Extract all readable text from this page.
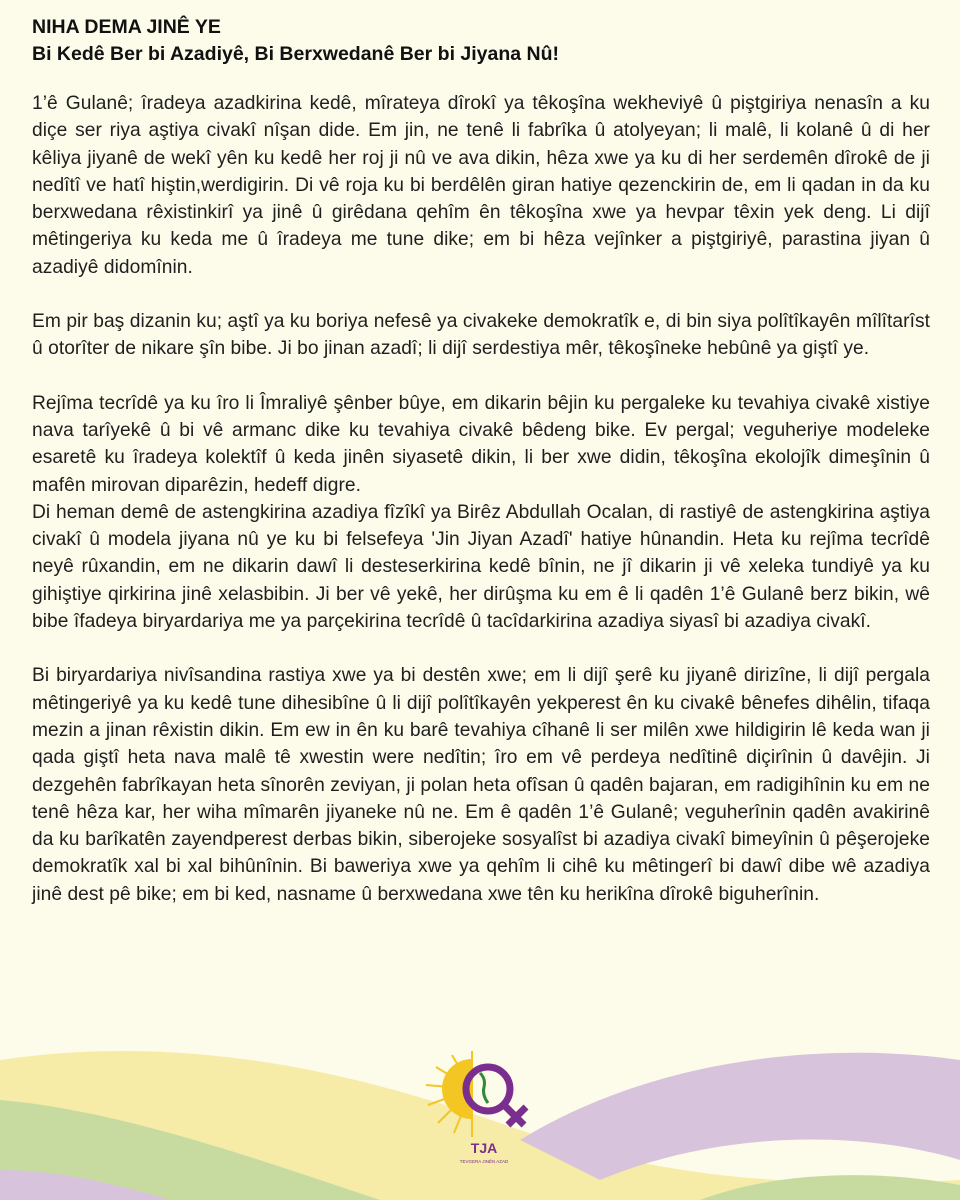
NIHA DEMA JINÊ YE

Bi Kedê Ber bi Azadiyê, Bi Berxwedanê Ber bi Jiyana Nû!

1’ê Gulanê; îradeya azadkirina kedê, mîrateya dîrokî ya têkoşîna wekheviyê û piştgiriya nenasîn a ku diçe ser riya aştiya civakî nîşan dide. Em jin, ne tenê li fabrîka û atolyeyan; li malê, li kolanê û di her kêliya jiyanê de wekî yên ku kedê her roj ji nû ve ava dikin, hêza xwe ya ku di her serdemên dîrokê de ji nedîtî ve hatî hiştin,werdigirin. Di vê roja ku bi berdêlên giran hatiye qezenckirin de, em li qadan in da ku berxwedana rêxistinkirî ya jinê û girêdana qehîm ên têkoşîna xwe ya hevpar têxin yek deng. Li dijî mêtingeriya ku keda me û îradeya me tune dike; em bi hêza vejînker a piştgiriyê, parastina jiyan û azadiyê didomînin.

Em pir baş dizanin ku; aştî ya ku boriya nefesê ya civakeke demokratîk e, di bin siya polîtîkayên mîlîtarîst û otorîter de nikare şîn bibe. Ji bo jinan azadî; li dijî serdestiya mêr, têkoşîneke hebûnê ya giştî ye.

Rejîma tecrîdê ya ku îro li Îmraliyê şênber bûye, em dikarin bêjin ku pergaleke ku tevahiya civakê xistiye nava tarîyekê û bi vê armanc dike ku tevahiya civakê bêdeng bike. Ev pergal; veguheriye modeleke esaretê ku îradeya kolektîf û keda jinên siyasetê dikin, li ber xwe didin, têkoşîna ekolojîk dimeşînin û mafên mirovan diparêzin, hedeff digre.

Di heman demê de astengkirina azadiya fîzîkî ya Birêz Abdullah Ocalan, di rastiyê de astengkirina aştiya civakî û modela jiyana nû ye ku bi felsefeya 'Jin Jiyan Azadî' hatiye hûnandin. Heta ku rejîma tecrîdê neyê rûxandin, em ne dikarin dawî li desteserkirina kedê bînin, ne jî dikarin ji vê xeleka tundiyê ya ku gihiştiye qirkirina jinê xelasbibin. Ji ber vê yekê, her dirûşma ku em ê li qadên 1’ê Gulanê berz bikin, wê bibe îfadeya biryardariya me ya parçekirina tecrîdê û tacîdarkirina azadiya siyasî bi azadiya civakî.

Bi biryardariya nivîsandina rastiya xwe ya bi destên xwe; em li dijî şerê ku jiyanê dirizîne, li dijî pergala mêtingeriyê ya ku kedê tune dihesibîne û li dijî polîtîkayên yekperest ên ku civakê bênefes dihêlin, tifaqa mezin a jinan rêxistin dikin. Em ew in ên ku barê tevahiya cîhanê li ser milên xwe hildigirin lê keda wan ji qada giştî heta nava malê tê xwestin were nedîtin; îro em vê perdeya nedîtinê diçirînin û davêjin. Ji dezgehên fabrîkayan heta sînorên zeviyan, ji polan heta ofîsan û qadên bajaran, em radigihînin ku em ne tenê hêza kar, her wiha mîmarên jiyaneke nû ne. Em ê qadên 1’ê Gulanê; veguherînin qadên avakirinê da ku barîkatên zayendperest derbas bikin, siberojeke sosyalîst bi azadiya civakî bimeyînin û pêşerojeke demokratîk xal bi xal bihûnînin. Bi baweriya xwe ya qehîm li cihê ku mêtingerî bi dawî dibe wê azadiya jinê dest pê bike; em bi ked, nasname û berxwedana xwe tên ku herikîna dîrokê biguherînin.

TJA
TEVGERA JINÊN AZAD
